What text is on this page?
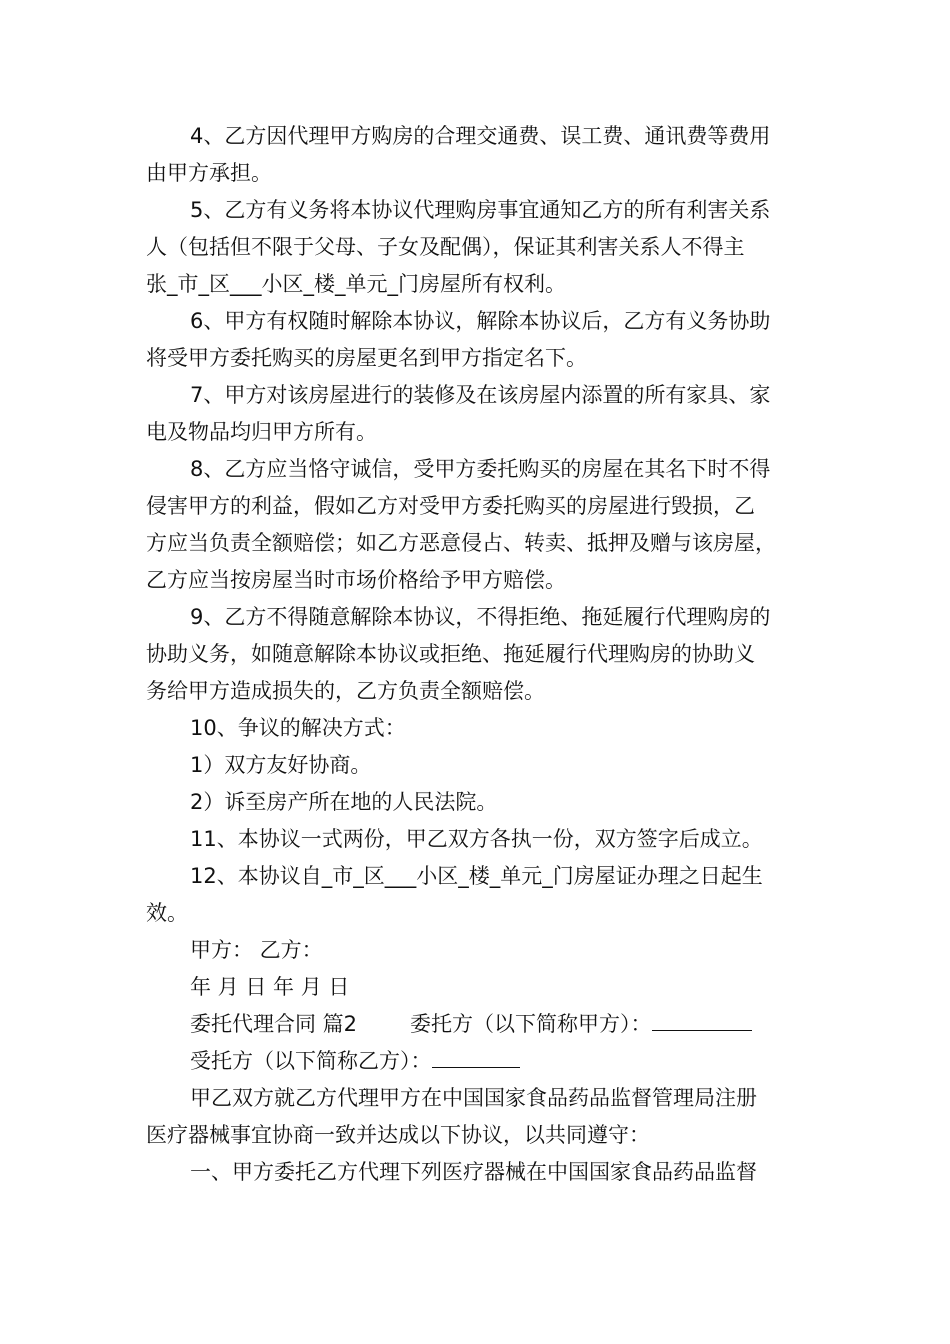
4、乙方因代理甲方购房的合理交通费、误工费、通讯费等费用
由甲方承担。
5、乙方有义务将本协议代理购房事宜通知乙方的所有利害关系
人（包括但不限于父母、子女及配偶），保证其利害关系人不得主
张_市_区___小区_楼_单元_门房屋所有权利。
6、甲方有权随时解除本协议，解除本协议后，乙方有义务协助
将受甲方委托购买的房屋更名到甲方指定名下。
7、甲方对该房屋进行的装修及在该房屋内添置的所有家具、家
电及物品均归甲方所有。
8、乙方应当恪守诚信，受甲方委托购买的房屋在其名下时不得
侵害甲方的利益，假如乙方对受甲方委托购买的房屋进行毁损，乙
方应当负责全额赔偿；如乙方恶意侵占、转卖、抵押及赠与该房屋，
乙方应当按房屋当时市场价格给予甲方赔偿。
9、乙方不得随意解除本协议，不得拒绝、拖延履行代理购房的
协助义务，如随意解除本协议或拒绝、拖延履行代理购房的协助义
务给甲方造成损失的，乙方负责全额赔偿。
10、争议的解决方式：
1）双方友好协商。
2）诉至房产所在地的人民法院。
11、本协议一式两份，甲乙双方各执一份，双方签字后成立。
12、本协议自_市_区___小区_楼_单元_门房屋证办理之日起生
效。
甲方： 乙方：
年 月 日 年 月 日
委托代理合同 篇2	委托方（以下简称甲方）：
受托方（以下简称乙方）：
甲乙双方就乙方代理甲方在中国国家食品药品监督管理局注册
医疗器械事宜协商一致并达成以下协议，以共同遵守：
一、甲方委托乙方代理下列医疗器械在中国国家食品药品监督
